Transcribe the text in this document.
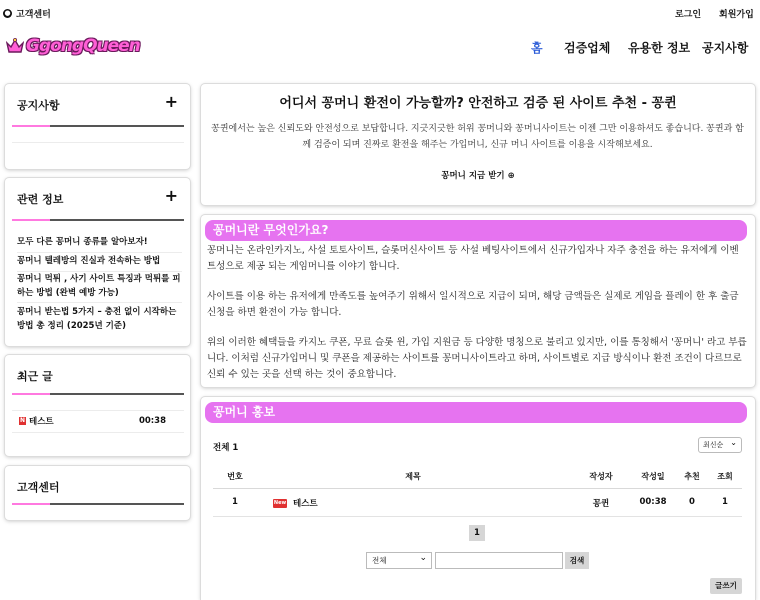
● 고객센터	로그인 회원가입
GgongQueen	홈 검증업체 유용한 정보 공지사항
공지사항	+
관련 정보	+
모두 다른 꽁머니 종류를 알아보자!
꽁머니 텔레방의 진실과 전속하는 방법
꽁머니 먹튀 , 사기 사이트 특징과 먹튀를 피하는 방법 (완벽 예방 가능)
꽁머니 받는법 5가지 – 충전 없이 시작하는 방법 총 정리 (2025년 기준)
최근 글
N 테스트	00:38
고객센터
어디서 꽁머니 환전이 가능할까? 안전하고 검증 된 사이트 추천 - 꽁퀸

꽁퀸에서는 높은 신뢰도와 안전성으로 보답합니다. 지긋지긋한 허위 꽁머니와 꽁머니사이트는 이젠 그만 이용하셔도 좋습니다. 꽁퀸과 함께 검증이 되며 진짜로 환전을 해주는 가입머니, 신규 머니 사이트를 이용을 시작해보세요.

꽁머니 지금 받기 ⊕
꽁머니란 무엇인가요?

꽁머니는 온라인카지노, 사설 토토사이트, 슬롯머신사이트 등 사설 베팅사이트에서 신규가입자나 자주 충전을 하는 유저에게 이벤트성으로 제공 되는 게임머니를 이야기 합니다.

사이트를 이용 하는 유저에게 만족도를 높여주기 위해서 일시적으로 지급이 되며, 해당 금액들은 실제로 게임을 플레이 한 후 출금 신청을 하면 환전이 가능 합니다.

위의 이러한 혜택들을 카지노 쿠폰, 무료 슬롯 윈, 가입 지원금 등 다양한 명칭으로 불리고 있지만, 이를 통칭해서 '꽁머니' 라고 부릅니다. 이처럼 신규가입머니 및 쿠폰을 제공하는 사이트를 꽁머니사이트라고 하며, 사이트별로 지급 방식이나 환전 조건이 다르므로 신뢰 수 있는 곳을 선택 하는 것이 중요합니다.

꽁머니 홍보
전체 1	최신순 ⌄
번호	제목	작성자	작성일 추천 조회
1	New 테스트	꽁퀸	00:38	0	1
1
전체 ⌄	검색
글쓰기
